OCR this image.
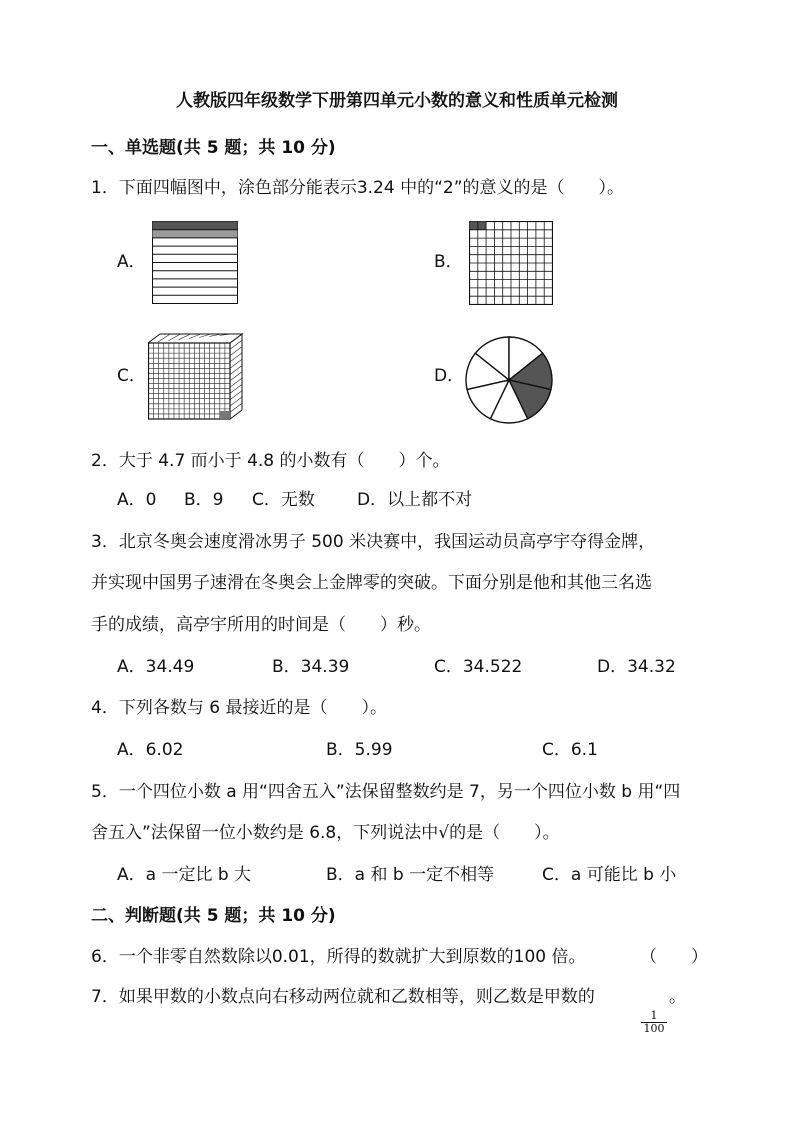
人教版四年级数学下册第四单元小数的意义和性质单元检测
一、单选题(共 5 题；共 10 分)
1．下面四幅图中，涂色部分能表示3.24 中的“2”的意义的是（　　）。
A．	B．
C．	D．
2．大于 4.7 而小于 4.8 的小数有（　　）个。
A．0 B．9 C．无数 D．以上都不对
3．北京冬奥会速度滑冰男子 500 米决赛中，我国运动员高亭宇夺得金牌，
并实现中国男子速滑在冬奥会上金牌零的突破。下面分别是他和其他三名选
手的成绩，高亭宇所用的时间是（　　）秒。
A．34.49	B．34.39	C．34.522	D．34.32
4．下列各数与 6 最接近的是（　　）。
A．6.02	B．5.99	C．6.1
5．一个四位小数 a 用“四舍五入”法保留整数约是 7，另一个四位小数 b 用“四
舍五入”法保留一位小数约是 6.8，下列说法中√的是（　　）。
A．a 一定比 b 大	B．a 和 b 一定不相等	C．a 可能比 b 小
二、判断题(共 5 题；共 10 分)
6．一个非零自然数除以0.01，所得的数就扩大到原数的100 倍。	（　　）
7．如果甲数的小数点向右移动两位就和乙数相等，则乙数是甲数的
$\frac{1}{100}$
。
